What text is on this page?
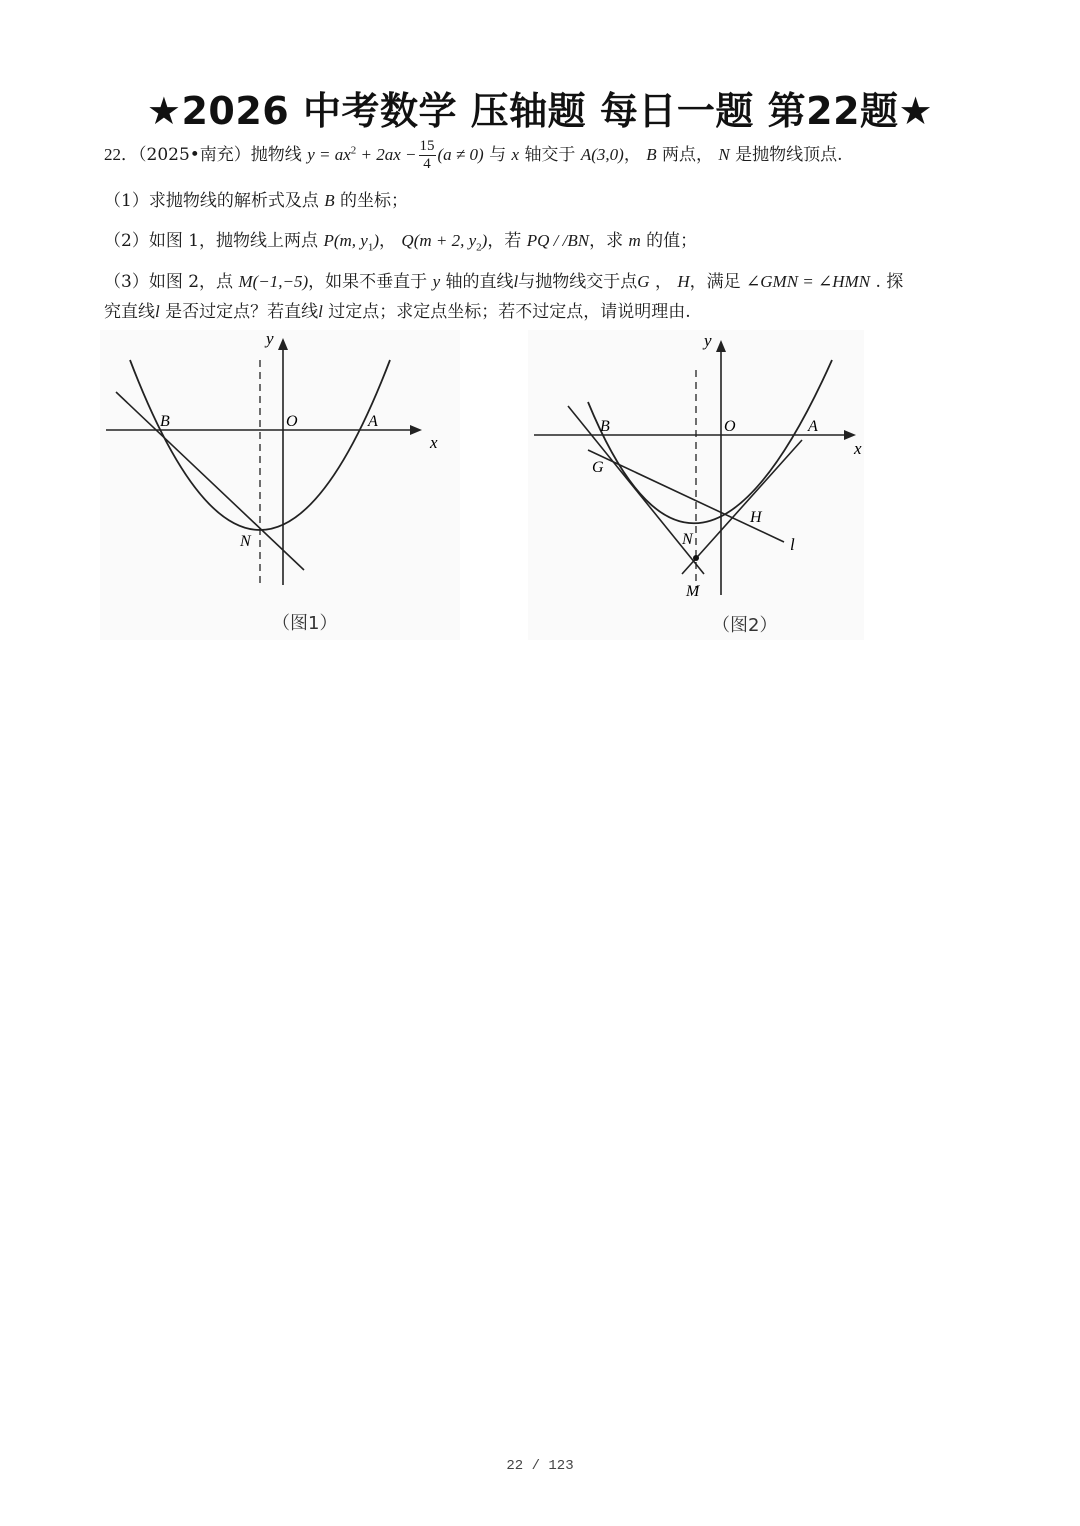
★2026 中考数学 压轴题 每日一题 第22题★
22．（2025•南充）抛物线 $y = ax^2 + 2ax - \frac{15}{4} (a \ne 0)$ 与 x 轴交于 A(3,0)， B 两点， N 是抛物线顶点.
（1）求抛物线的解析式及点 B 的坐标；
（2）如图 1，抛物线上两点 P(m, $y_1$)， Q(m + 2, $y_2$)，若 PQ / /BN，求 m 的值；
（3）如图 2，点 M(−1,−5)，如果不垂直于 y 轴的直线l与抛物线交于点G ， H，满足 ∠GMN = ∠HMN . 探
究直线l 是否过定点？若直线l 过定点；求定点坐标；若不过定点，请说明理由.
x
y
O	A
B
N
（图1）
x
y
O	A
B
G
H
N
M
l
（图2）
22 / 123
